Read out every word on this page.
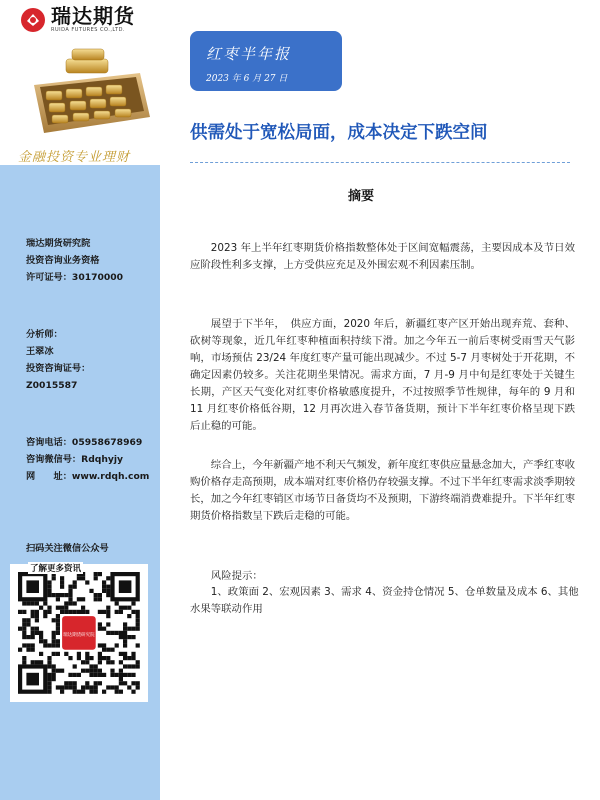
瑞达期货
RUIDA FUTURES CO.,LTD.
红枣半年报
2023 年 6 月 27 日
金融投资专业理财
供需处于宽松局面，成本决定下跌空间
摘要

2023 年上半年红枣期货价格指数整体处于区间宽幅震荡，主要因成本及节日效应阶段性利多支撑，上方受供应充足及外围宏观不利因素压制。

展望于下半年，　供应方面，2020 年后，新疆红枣产区开始出现弃荒、套种、砍树等现象，近几年红枣种植面积持续下滑。加之今年五一前后枣树受雨雪天气影响，市场预估 23/24 年度红枣产量可能出现减少。不过 5-7 月枣树处于开花期，不确定因素仍较多。关注花期坐果情况。需求方面，7 月-9 月中旬是红枣处于关键生长期，产区天气变化对红枣价格敏感度提升，不过按照季节性规律，每年的 9 月和 11 月红枣价格低谷期，12 月再次进入春节备货期，预计下半年红枣价格呈现下跌后止稳的可能。

综合上，今年新疆产地不利天气频发，新年度红枣供应量悬念加大，产季红枣收购价格存走高预期，成本端对红枣价格仍存较强支撑。不过下半年红枣需求淡季期较长，加之今年红枣销区市场节日备货均不及预期，下游终端消费难提升。下半年红枣期货价格指数呈下跌后走稳的可能。

风险提示：
1、政策面 2、宏观因素 3、需求 4、资金持仓情况 5、仓单数量及成本 6、其他水果等联动作用
瑞达期货研究院
投资咨询业务资格
许可证号：30170000
分析师：
王翠冰
投资咨询证号：
Z0015587
咨询电话：05958678969
咨询微信号：Rdqhyjy
网　　址：www.rdqh.com
扫码关注微信公众号
了解更多资讯
瑞达期货研究院
